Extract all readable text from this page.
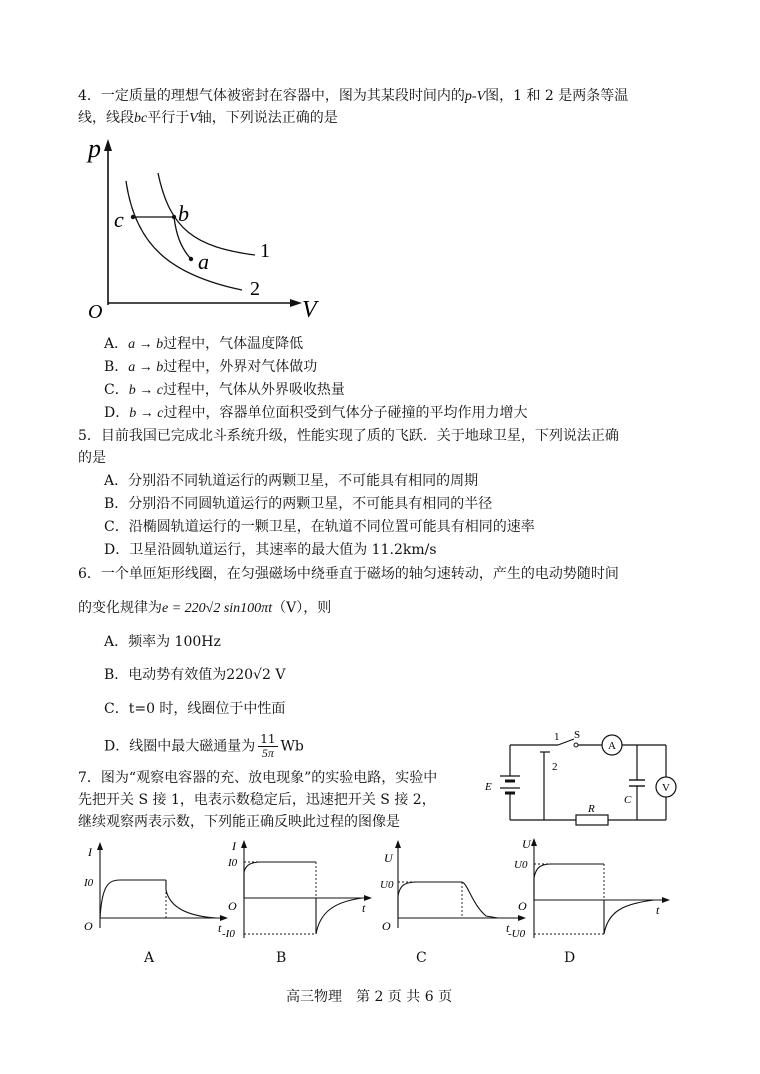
4．一定质量的理想气体被密封在容器中，图为其某段时间内的p-V图，1 和 2 是两条等温
线，线段bc平行于V轴，下列说法正确的是
p
V
O
c b
a	1
2
A．a → b过程中，气体温度降低
B．a → b过程中，外界对气体做功
C．b → c过程中，气体从外界吸收热量
D．b → c过程中，容器单位面积受到气体分子碰撞的平均作用力增大
5．目前我国已完成北斗系统升级，性能实现了质的飞跃．关于地球卫星，下列说法正确
的是
A．分别沿不同轨道运行的两颗卫星，不可能具有相同的周期
B．分别沿不同圆轨道运行的两颗卫星，不可能具有相同的半径
C．沿椭圆轨道运行的一颗卫星，在轨道不同位置可能具有相同的速率
D．卫星沿圆轨道运行，其速率的最大值为 11.2km/s
6．一个单匝矩形线圈，在匀强磁场中绕垂直于磁场的轴匀速转动，产生的电动势随时间
的变化规律为e = 220√2 sin100πt（V），则
A．频率为 100Hz
B．电动势有效值为220√2 V
C．t=0 时，线圈位于中性面
D．线圈中最大磁通量为 $\frac{11}{5\pi}$ Wb
1
2
S
A
V
E
C
R
7．图为“观察电容器的充、放电现象”的实验电路，实验中
先把开关 S 接 1，电表示数稳定后，迅速把开关 S 接 2，
继续观察两表示数，下列能正确反映此过程的图像是
I
I0
O	t
A
I
I0
O
-I0
t
B
U
U0
O	t
C
U
U0
O
-U0
t
D
高三物理　第 2 页 共 6 页
